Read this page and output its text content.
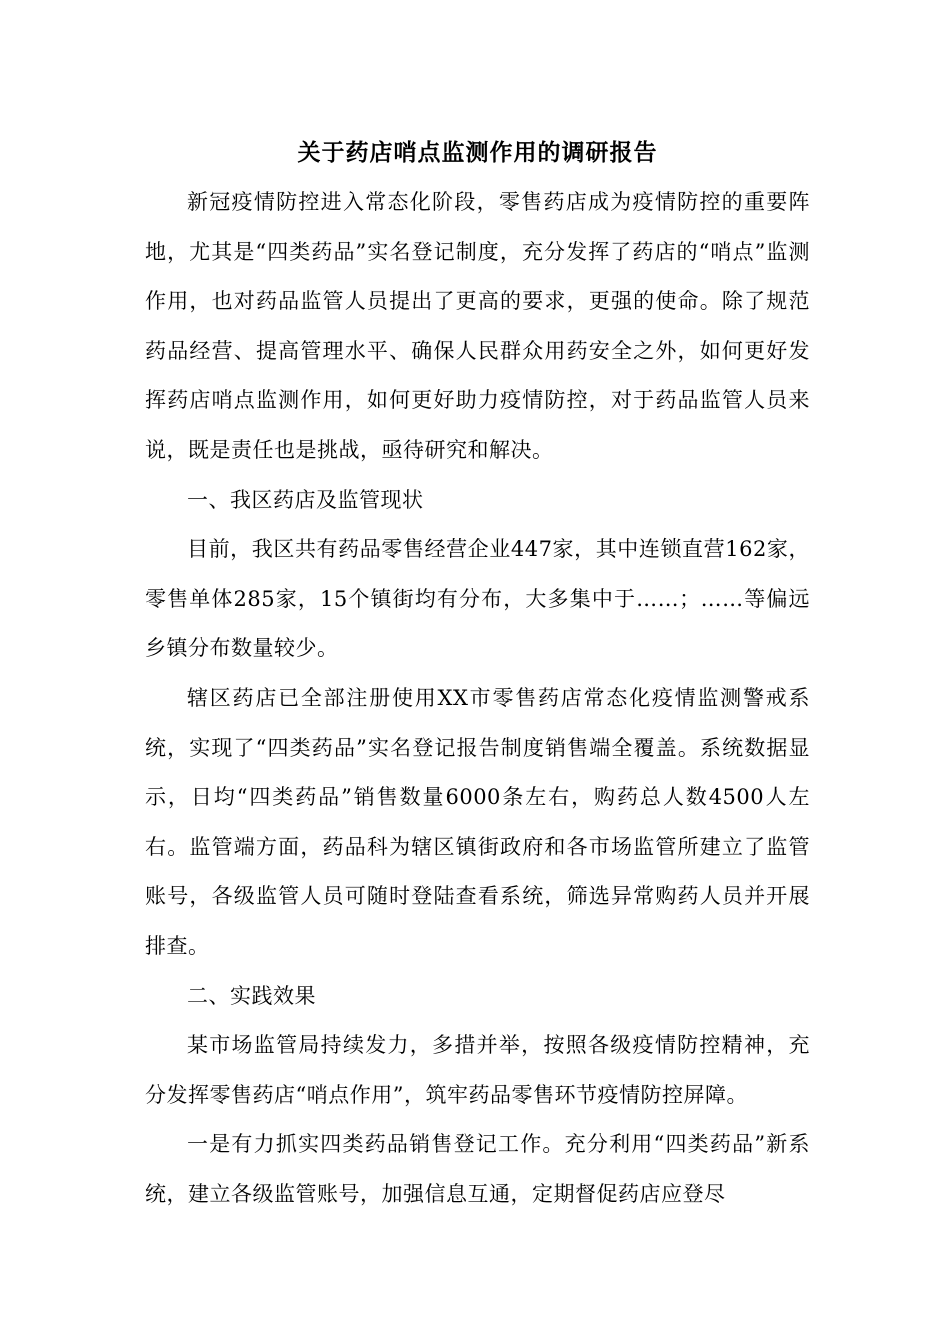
关于药店哨点监测作用的调研报告

新冠疫情防控进入常态化阶段，零售药店成为疫情防控的重要阵地，尤其是“四类药品”实名登记制度，充分发挥了药店的“哨点”监测作用，也对药品监管人员提出了更高的要求，更强的使命。除了规范药品经营、提高管理水平、确保人民群众用药安全之外，如何更好发挥药店哨点监测作用，如何更好助力疫情防控，对于药品监管人员来说，既是责任也是挑战，亟待研究和解决。

一、我区药店及监管现状

目前，我区共有药品零售经营企业447家，其中连锁直营162家，零售单体285家，15个镇街均有分布，大多集中于……；……等偏远乡镇分布数量较少。

辖区药店已全部注册使用XX市零售药店常态化疫情监测警戒系统，实现了“四类药品”实名登记报告制度销售端全覆盖。系统数据显示，日均“四类药品”销售数量6000条左右，购药总人数4500人左右。监管端方面，药品科为辖区镇街政府和各市场监管所建立了监管账号，各级监管人员可随时登陆查看系统，筛选异常购药人员并开展排查。

二、实践效果

某市场监管局持续发力，多措并举，按照各级疫情防控精神，充分发挥零售药店“哨点作用”，筑牢药品零售环节疫情防控屏障。

一是有力抓实四类药品销售登记工作。充分利用“四类药品”新系统，建立各级监管账号，加强信息互通，定期督促药店应登尽
